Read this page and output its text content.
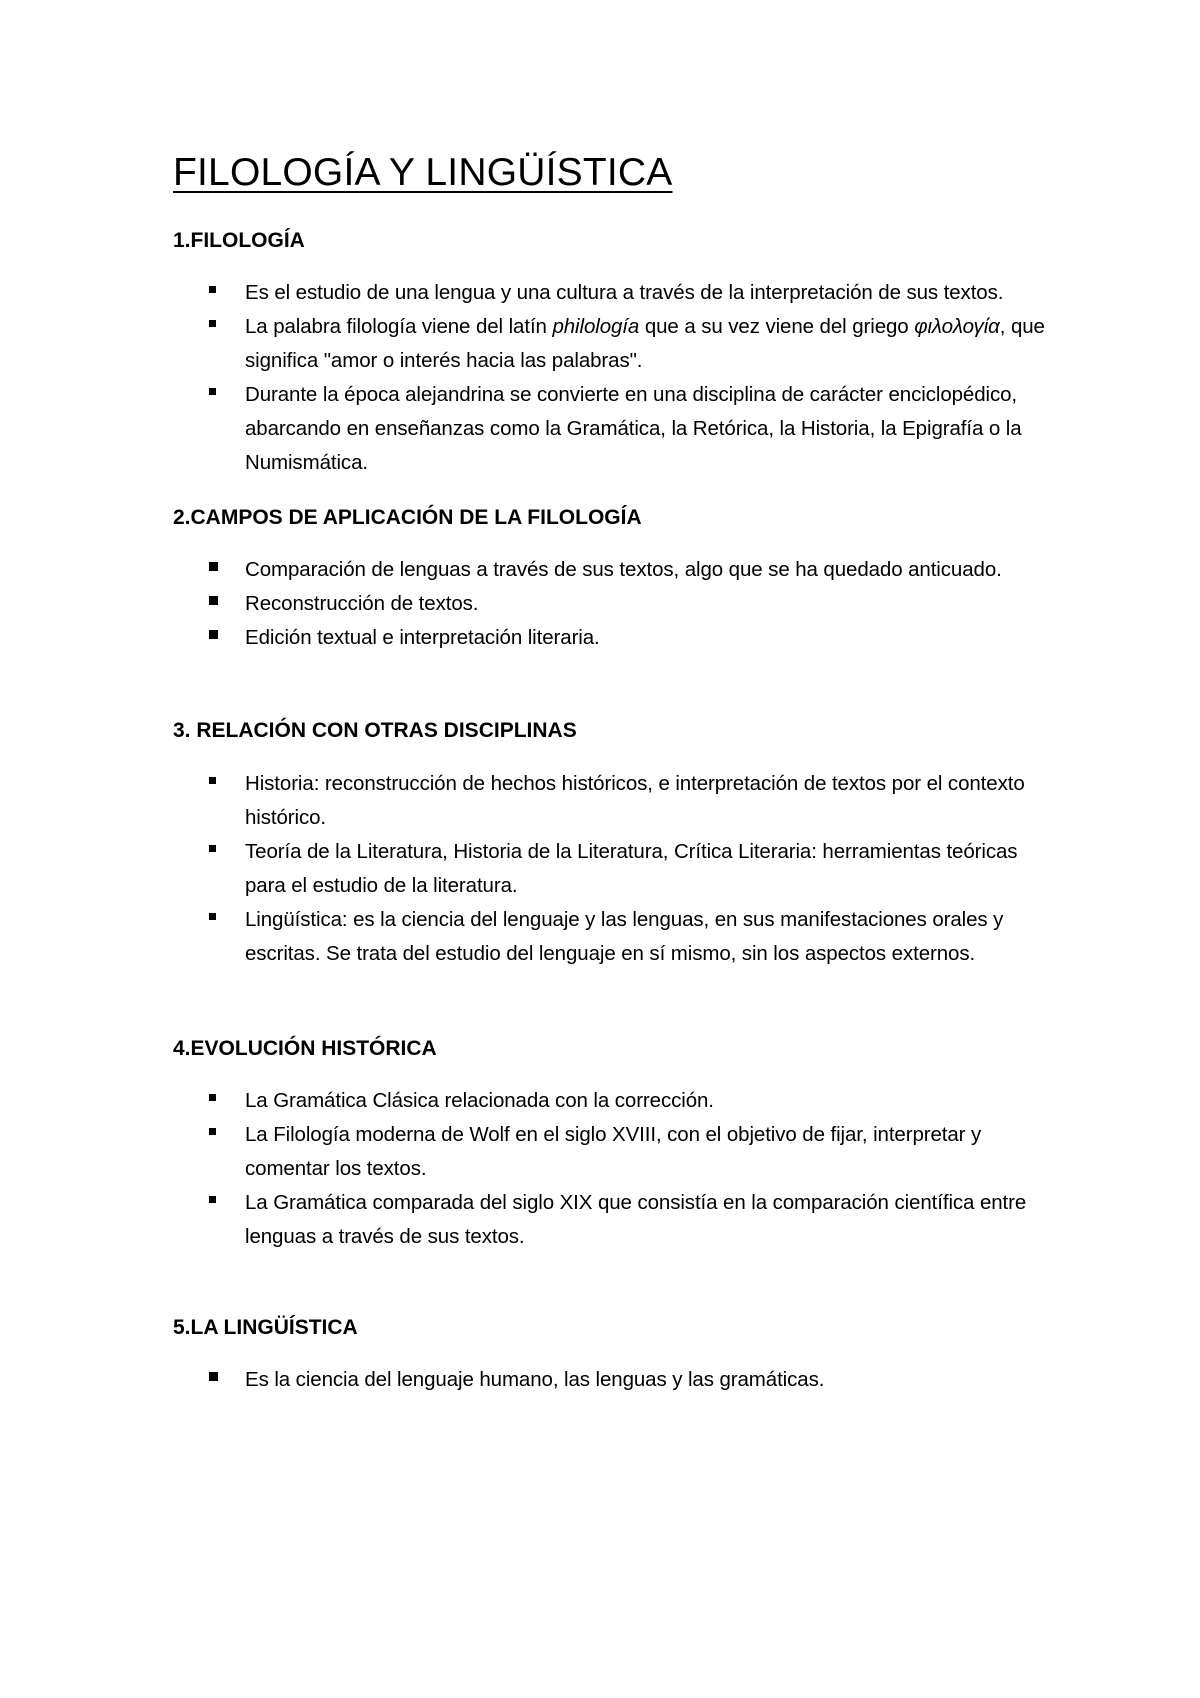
FILOLOGÍA Y LINGÜÍSTICA
1.FILOLOGÍA
Es el estudio de una lengua y una cultura a través de la interpretación de sus textos.
La palabra filología viene del latín philología que a su vez viene del griego φιλολογία, que significa "amor o interés hacia las palabras".
Durante la época alejandrina se convierte en una disciplina de carácter enciclopédico, abarcando en enseñanzas como la Gramática, la Retórica, la Historia, la Epigrafía o la Numismática.
2.CAMPOS DE APLICACIÓN DE LA FILOLOGÍA
Comparación de lenguas a través de sus textos, algo que se ha quedado anticuado.
Reconstrucción de textos.
Edición textual e interpretación literaria.
3. RELACIÓN CON OTRAS DISCIPLINAS
Historia: reconstrucción de hechos históricos, e interpretación de textos por el contexto histórico.
Teoría de la Literatura, Historia de la Literatura, Crítica Literaria: herramientas teóricas para el estudio de la literatura.
Lingüística: es la ciencia del lenguaje y las lenguas, en sus manifestaciones orales y escritas. Se trata del estudio del lenguaje en sí mismo, sin los aspectos externos.
4.EVOLUCIÓN HISTÓRICA
La Gramática Clásica relacionada con la corrección.
La Filología moderna de Wolf en el siglo XVIII, con el objetivo de fijar, interpretar y comentar los textos.
La Gramática comparada del siglo XIX que consistía en la comparación científica entre lenguas a través de sus textos.
5.LA LINGÜÍSTICA
Es la ciencia del lenguaje humano, las lenguas y las gramáticas.
